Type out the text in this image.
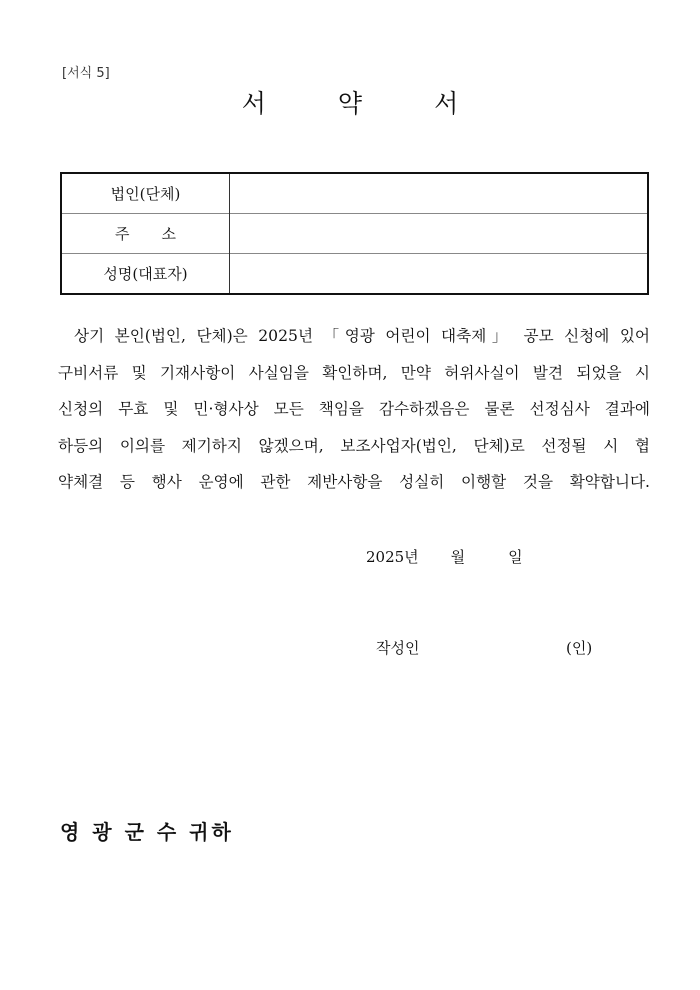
[서식 5]
서	약	서
법인(단체)	
주 소	
성명(대표자)	
상기 본인(법인, 단체)은 2025년 「영광 어린이 대축제」 공모 신청에 있어
구비서류 및 기재사항이 사실임을 확인하며, 만약 허위사실이 발견 되었을 시
신청의 무효 및 민·형사상 모든 책임을 감수하겠음은 물론 선정심사 결과에
하등의 이의를 제기하지 않겠으며, 보조사업자(법인, 단체)로 선정될 시 협
약체결 등 행사 운영에 관한 제반사항을 성실히 이행할 것을 확약합니다.
2025년 월	일
작성인	(인)
영 광 군 수 귀하
